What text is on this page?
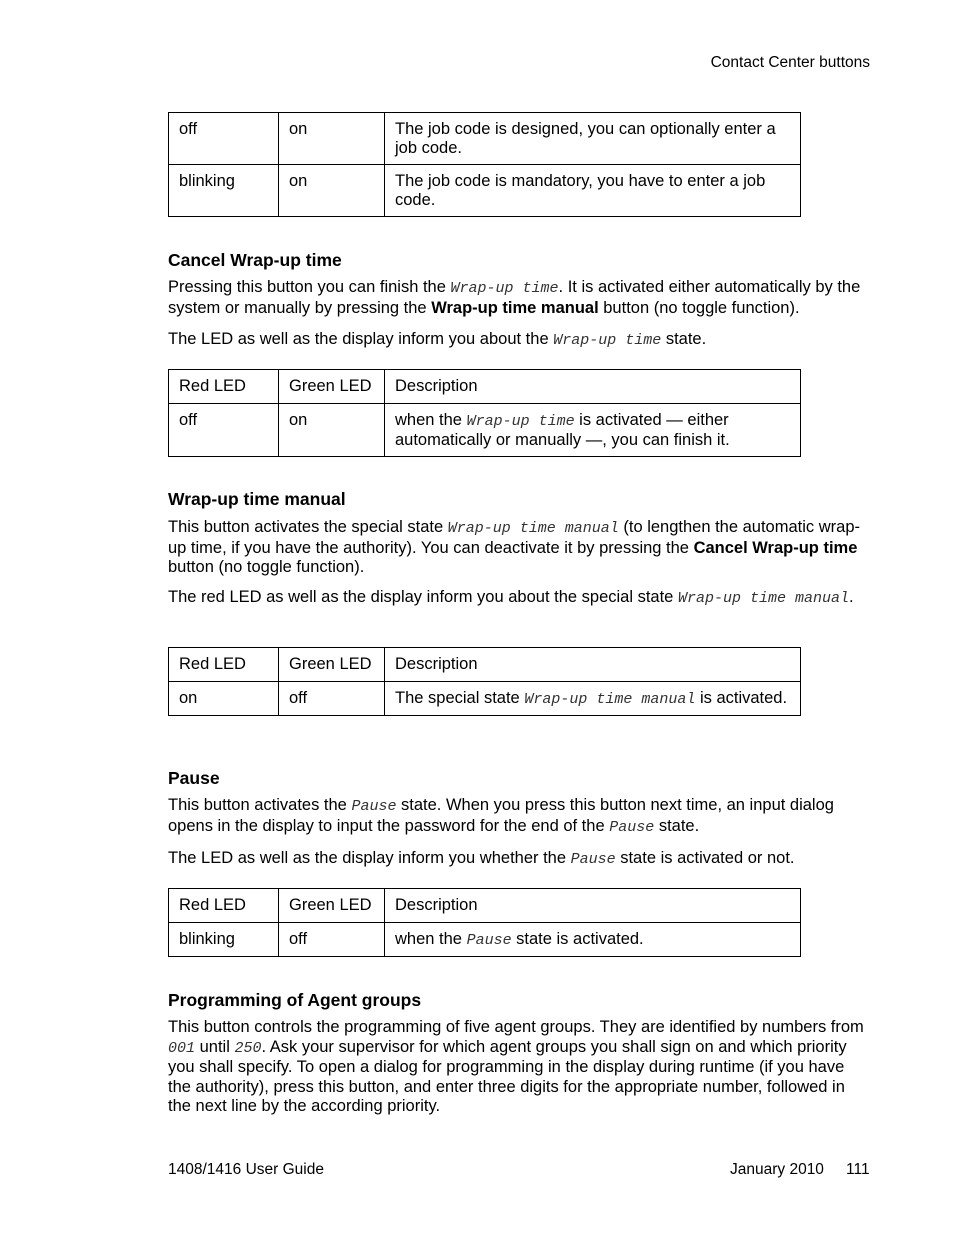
Contact Center buttons
off	on	The job code is designed, you can optionally enter a job code.
blinking	on	The job code is mandatory, you have to enter a job code.
Cancel Wrap-up time
Pressing this button you can finish the Wrap-up time. It is activated either automatically by the system or manually by pressing the Wrap-up time manual button (no toggle function).
The LED as well as the display inform you about the Wrap-up time state.
Red LED	Green LED	Description
off	on	when the Wrap-up time is activated — either automatically or manually —, you can finish it.
Wrap-up time manual
This button activates the special state Wrap-up time manual (to lengthen the automatic wrap-up time, if you have the authority). You can deactivate it by pressing the Cancel Wrap-up time button (no toggle function).
The red LED as well as the display inform you about the special state Wrap-up time manual.
Red LED	Green LED	Description
on	off	The special state Wrap-up time manual is activated.
Pause
This button activates the Pause state. When you press this button next time, an input dialog opens in the display to input the password for the end of the Pause state.
The LED as well as the display inform you whether the Pause state is activated or not.
Red LED	Green LED	Description
blinking	off	when the Pause state is activated.
Programming of Agent groups
This button controls the programming of five agent groups. They are identified by numbers from 001 until 250. Ask your supervisor for which agent groups you shall sign on and which priority you shall specify. To open a dialog for programming in the display during runtime (if you have the authority), press this button, and enter three digits for the appropriate number, followed in the next line by the according priority.
1408/1416 User Guide	January 2010 111
